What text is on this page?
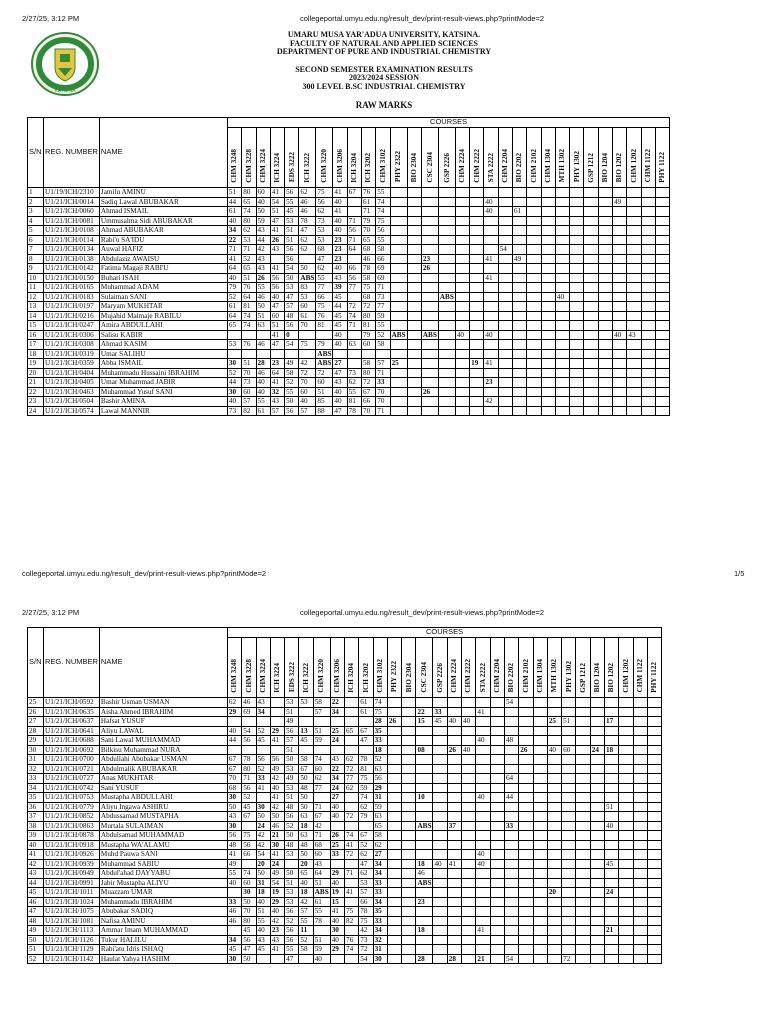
2/27/25, 3:12 PM	collegeportal.umyu.edu.ng/result_dev/print-result-views.php?printMode=2
KATSINA
UMARU MUSA YAR'ADUA UNIVERSITY, KATSINA.
FACULTY OF NATURAL AND APPLIED SCIENCES
DEPARTMENT OF PURE AND INDUSTRIAL CHEMISTRY
SECOND SEMESTER EXAMINATION RESULTS
2023/2024 SESSION
300 LEVEL B.SC INDUSTRIAL CHEMISTRY
RAW MARKS
S/N	REG. NUMBER	NAME	COURSES																													
			CHM 3248	CHM 3228	CHM 3224	ICH 3224	EDS 3222	ICH 3222	CHM 3220	CHM 3206	ICH 3204	ICH 3202	CHM 3102	PHY 2322	BIO 2304	CSC 2304	GSP 2226	CHM 2224	CHM 2222	STA 2222	CHM 2204	BIO 2202	CHM 2102	CHM 1304	MTH 1302	PHY 1302	GSP 1212	BIO 1204	BIO 1202	CHM 1202	CHM 1122	PHY 1122
1	U1/19/ICH/2310	Jamilu AMINU	51	80	60	41	56	62	75	41	67	76	55																			
2	U1/21/ICH/0014	Sadiq Lawal ABUBAKAR	44	65	40	54	55	46	56	40		61	74							40									49			
3	U1/21/ICH/0060	Ahmad ISMAIL	61	74	50	51	45	46	62	41		71	74							40		61										
4	U1/21/ICH/0081	Ummusalma Sidi ABUBAKAR	40	80	59	47	53	78	73	40	71	79	75																			
5	U1/21/ICH/0108	Ahmad ABUBAKAR	34	62	43	41	51	47	53	40	56	70	56																			
6	U1/21/ICH/0114	Rabi'u SA'IDU	22	53	44	26	51	62	53	23	71	65	55																			
7	U1/21/ICH/0134	Auwal HAFIZ	71	71	42	43	56	62	68	23	64	68	58								54											
8	U1/21/ICH/0138	Abdulaziz AWAISU	41	52	43		56		47	23		46	66			23				41		49										
9	U1/21/ICH/0142	Fatima Magaji RABI'U	64	65	43	41	54	50	62	40	66	78	69			26																
10	U1/21/ICH/0150	Buhari ISAH	40	51	26	56	50	ABS	55	43	56	58	69							41												
11	U1/21/ICH/0165	Muhammad ADAM	79	76	55	56	53	83	77	39	77	75	71																			
12	U1/21/ICH/0183	Sulaiman SANI	52	64	46	40	47	53	66	45		68	73				ABS								40							
13	U1/21/ICH/0197	Maryam MUKHTAR	61	81	50	47	57	60	75	44	72	72	77																			
14	U1/21/ICH/0216	Mujahid Maimaje RABILU	64	74	51	60	48	61	76	45	74	80	59																			
15	U1/21/ICH/0247	Amira ABDULLAHI	65	74	63	51	56	70	81	45	71	81	55																			
16	U1/21/ICH/0306	Salisu KABIR				41	0			40		79	52	ABS		ABS		40		40									40	43		
17	U1/21/ICH/0308	Ahmad KASIM	53	76	46	47	54	75	79	40	63	60	58																			
18	U1/21/ICH/0319	Umar SALIHU							ABS																							
19	U1/21/ICH/0359	Abba ISMAIL	30	51	28	23	49	42	ABS	27		58	57	25					19	41												
20	U1/21/ICH/0404	Muhammadu Hussaini IBRAHIM	52	70	46	64	58	72	72	47	73	80	71																			
21	U1/21/ICH/0405	Umar Muhammad JABIR	44	73	40	41	52	70	60	43	62	72	33							23												
22	U1/21/ICH/0463	Muhammad Yusuf SANI	30	60	40	32	55	60	51	40	55	67	70			26																
23	U1/21/ICH/0504	Bashir AMINA	40	57	55	43	50	40	85	40	81	66	70							42												
24	U1/21/ICH/0574	Lawal MANNIR	73	82	61	57	56	57	88	47	78	70	71																			
collegeportal.umyu.edu.ng/result_dev/print-result-views.php?printMode=2	1/5
2/27/25, 3:12 PM	collegeportal.umyu.edu.ng/result_dev/print-result-views.php?printMode=2
S/N	REG. NUMBER	NAME	COURSES																													
			CHM 3248	CHM 3228	CHM 3224	ICH 3224	EDS 3222	ICH 3222	CHM 3220	CHM 3206	ICH 3204	ICH 3202	CHM 3102	PHY 2322	BIO 2304	CSC 2304	GSP 2226	CHM 2224	CHM 2222	STA 2222	CHM 2204	BIO 2202	CHM 2102	CHM 1304	MTH 1302	PHY 1302	GSP 1212	BIO 1204	BIO 1202	CHM 1202	CHM 1122	PHY 1122
25	U1/21/ICH/0592	Bashir Usman USMAN	62	46	43		53	53	58	22		61	74									54										
26	U1/21/ICH/0635	Aisha Ahmed IBRAHIM	29	69	34		51		57	34		61	75			22	33			41												
27	U1/21/ICH/0637	Hafsat YUSUF					49						28	26		15	45	40	40						25	51			17			
28	U1/21/ICH/0641	Aliyu LAWAL	40	54	52	29	56	13	51	25	65	67	35																			
29	U1/21/ICH/0688	Sani Lawal MUHAMMAD	44	56	45	41	57	45	59	24		47	33							40		48										
30	U1/21/ICH/0692	Bilkisu Muhammad NURA					51						18			08		26	40				26		40	60		24	18			
31	U1/21/ICH/0700	Abdullahi Abubakar USMAN	67	78	56	56	50	58	74	43	62	78	52																			
32	U1/21/ICH/0721	Abdulmalik ABUBAKAR	67	80	52	49	53	67	60	22	72	81	63																			
33	U1/21/ICH/0727	Anas MUKHTAR	70	71	33	42	49	50	62	34	77	75	56									64										
34	U1/21/ICH/0742	Sani YUSUF	68	56	41	40	53	48	77	24	62	59	29																			
35	U1/21/ICH/0753	Mustapha ABDULLAHI	30	52		41	51	50		27		74	31			10				40		44										
36	U1/21/ICH/0779	Aliyu Ingawa ASHIRU	50	45	30	42	48	50	71	40		62	59																51			
37	U1/21/ICH/0852	Abdussamad MUSTAPHA	43	67	50	50	56	63	67	40	72	79	63																			
38	U1/21/ICH/0863	Murtala SULAIMAN	30		24	46	52	18	42				65			ABS		37				33							40			
39	U1/21/ICH/0878	Abdulsamad MUHAMMAD	56	75	42	21	50	63	71	26	74	67	58																			
40	U1/21/ICH/0918	Mustapha WA'ALAMU	48	56	42	30	48	48	68	25	41	52	62																			
41	U1/21/ICH/0926	Muhd Pauwa SANI	41	66	54	41	53	50	60	33	72	62	27							40												
42	U1/21/ICH/0939	Muhammad SABIU	49		20	24		20	43			47	34			18	40	41		40									45			
43	U1/21/ICH/0949	Abdul'ahad DAYYABU	55	74	50	49	50	65	64	29	71	62	34			46																
44	U1/21/ICH/0991	Jabir Mustapha ALIYU	40	60	31	54	51	40	51	40		53	33			ABS																
45	U1/21/ICH/1011	Muazzam UMAR		30	18	19	53	18	ABS	19	41	57	33												20				24			
46	U1/21/ICH/1024	Muhammadu IBRAHIM	33	50	40	29	53	42	61	15		66	34			23																
47	U1/21/ICH/1075	Abubakar SADIQ	46	70	51	40	56	57	55	41	75	78	35																			
48	U1/21/ICH/1081	Nafisa AMINU	46	80	55	42	52	55	78	40	82	75	33																			
49	U1/21/ICH/1113	Ammar Imam MUHAMMAD		45	40	23	56	11		30		42	34			18				41									21			
50	U1/21/ICH/1126	Tukur HALILU	34	56	43	43	56	52	51	40	76	73	32																			
51	U1/21/ICH/1129	Rabi'atu Idris ISHAQ	45	47	45	41	55	58	59	29	74	72	31																			
52	U1/21/ICH/1142	Haulat Yahya HASHIM	30	50			47		40			54	30			28		28		21		54				72						
